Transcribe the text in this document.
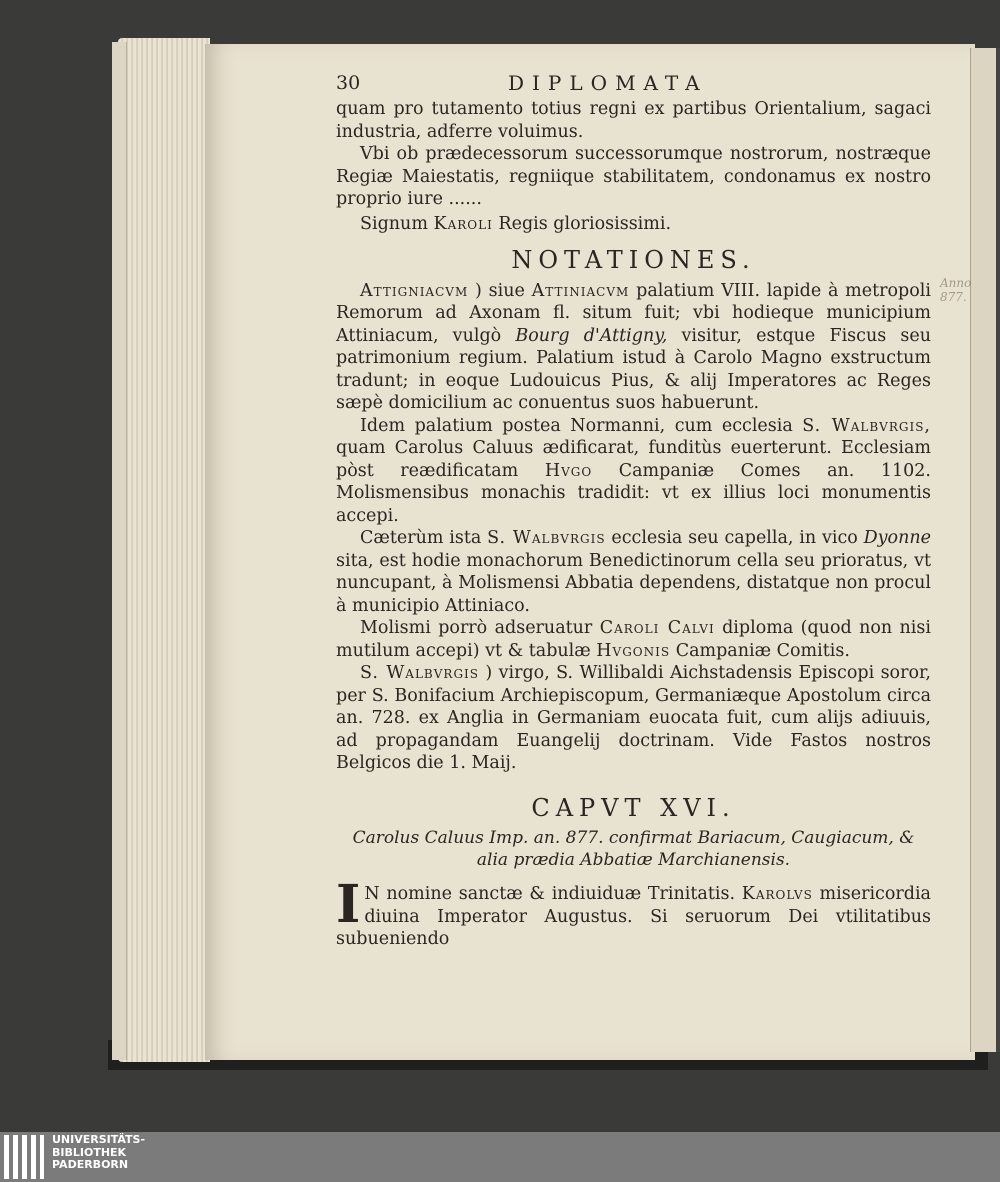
Anno 877.
30	DIPLOMATA

quam pro tutamento totius regni ex partibus Orientalium, sagaci industria, adferre voluimus.

Vbi ob prædecessorum successorumque nostrorum, nostræque Regiæ Maiestatis, regniique stabilitatem, condonamus ex nostro proprio iure ......

Signum Karoli Regis gloriosissimi.

NOTATIONES.

Attigniacvm ) siue Attiniacvm palatium VIII. lapide à metropoli Remorum ad Axonam fl. situm fuit; vbi hodieque municipium Attiniacum, vulgò Bourg d'Attigny, visitur, estque Fiscus seu patrimonium regium. Palatium istud à Carolo Magno exstructum tradunt; in eoque Ludouicus Pius, & alij Imperatores ac Reges sæpè domicilium ac conuentus suos habuerunt.

Idem palatium postea Normanni, cum ecclesia S. Walbvrgis, quam Carolus Caluus ædificarat, funditùs euerterunt. Ecclesiam pòst reædificatam Hvgo Campaniæ Comes an. 1102. Molismensibus monachis tradidit: vt ex illius loci monumentis accepi.

Cæterùm ista S. Walbvrgis ecclesia seu capella, in vico Dyonne sita, est hodie monachorum Benedictinorum cella seu prioratus, vt nuncupant, à Molismensi Abbatia dependens, distatque non procul à municipio Attiniaco.

Molismi porrò adseruatur Caroli Calvi diploma (quod non nisi mutilum accepi) vt & tabulæ Hvgonis Campaniæ Comitis.

S. Walbvrgis ) virgo, S. Willibaldi Aichstadensis Episcopi soror, per S. Bonifacium Archiepiscopum, Germaniæque Apostolum circa an. 728. ex Anglia in Germaniam euocata fuit, cum alijs adiuuis, ad propagandam Euangelij doctrinam. Vide Fastos nostros Belgicos die 1. Maij.

CAPVT XVI.
Carolus Caluus Imp. an. 877. confirmat Bariacum, Caugiacum, &
alia prædia Abbatiæ Marchianensis.
I N nomine sanctæ & indiuiduæ Trinitatis. Karolvs misericordia diuina Imperator Augustus. Si seruorum Dei vtilitatibus subueniendo

UNIVERSITÄTS-
BIBLIOTHEK
PADERBORN
